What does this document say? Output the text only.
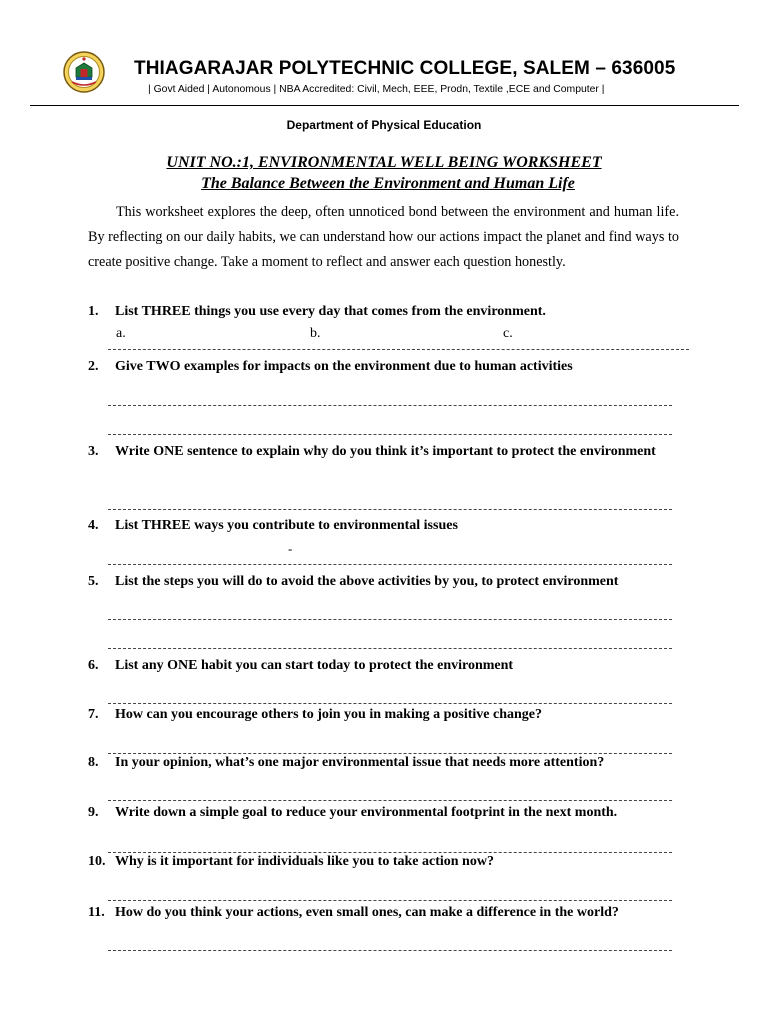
THIAGARAJAR POLYTECHNIC COLLEGE, SALEM – 636005
| Govt Aided | Autonomous | NBA Accredited: Civil, Mech, EEE, Prodn, Textile ,ECE and Computer |
Department of Physical Education
UNIT NO.:1, ENVIRONMENTAL WELL BEING WORKSHEET
The Balance Between the Environment and Human Life
This worksheet explores the deep, often unnoticed bond between the environment and human life. By reflecting on our daily habits, we can understand how our actions impact the planet and find ways to create positive change. Take a moment to reflect and answer each question honestly.
1. List THREE things you use every day that comes from the environment.
a.	b.	c.
2. Give TWO examples for impacts on the environment due to human activities
3. Write ONE sentence to explain why do you think it’s important to protect the environment
4. List THREE ways you contribute to environmental issues
-
5. List the steps you will do to avoid the above activities by you, to protect environment
6. List any ONE habit you can start today to protect the environment
7. How can you encourage others to join you in making a positive change?
8. In your opinion, what’s one major environmental issue that needs more attention?
9. Write down a simple goal to reduce your environmental footprint in the next month.
10. Why is it important for individuals like you to take action now?
11. How do you think your actions, even small ones, can make a difference in the world?
